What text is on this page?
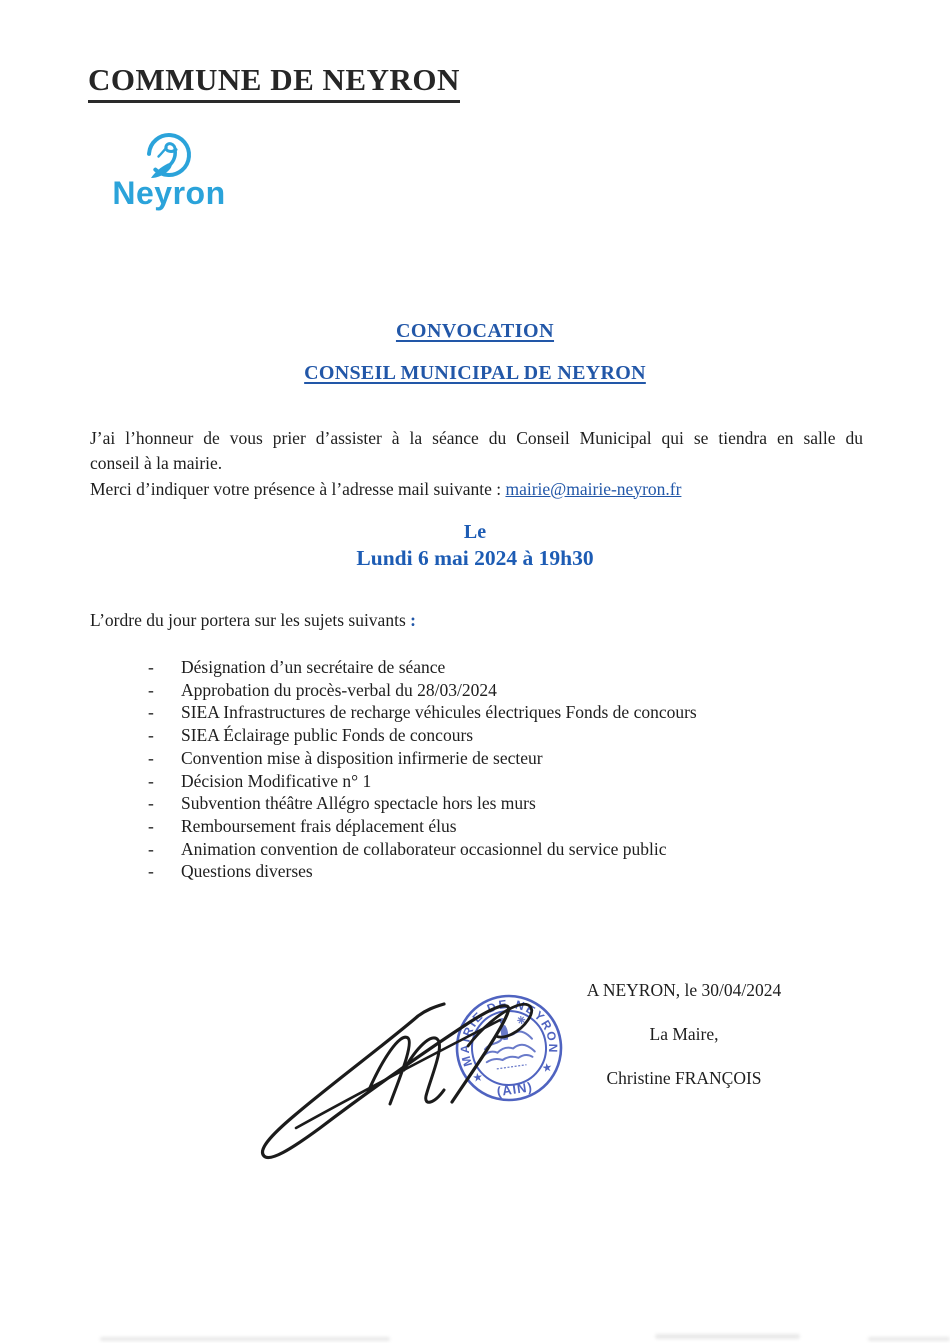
COMMUNE DE NEYRON
Neyron
CONVOCATION
CONSEIL MUNICIPAL DE NEYRON
J’ai l’honneur de vous prier d’assister à la séance du Conseil Municipal qui se tiendra en salle duconseil à la mairie.
Merci d’indiquer votre présence à l’adresse mail suivante : mairie@mairie-neyron.fr
Le
Lundi 6 mai 2024 à 19h30
L’ordre du jour portera sur les sujets suivants :
-	Désignation d’un secrétaire de séance
-	Approbation du procès-verbal du 28/03/2024
-	SIEA Infrastructures de recharge véhicules électriques Fonds de concours
-	SIEA Éclairage public Fonds de concours
-	Convention mise à disposition infirmerie de secteur
-	Décision Modificative n° 1
-	Subvention théâtre Allégro spectacle hors les murs
-	Remboursement frais déplacement élus
-	Animation convention de collaborateur occasionnel du service public
-	Questions diverses
A NEYRON, le 30/04/2024
La Maire,
Christine FRANÇOIS
MAIRIE DE NEYRON
★
★
(AIN)
